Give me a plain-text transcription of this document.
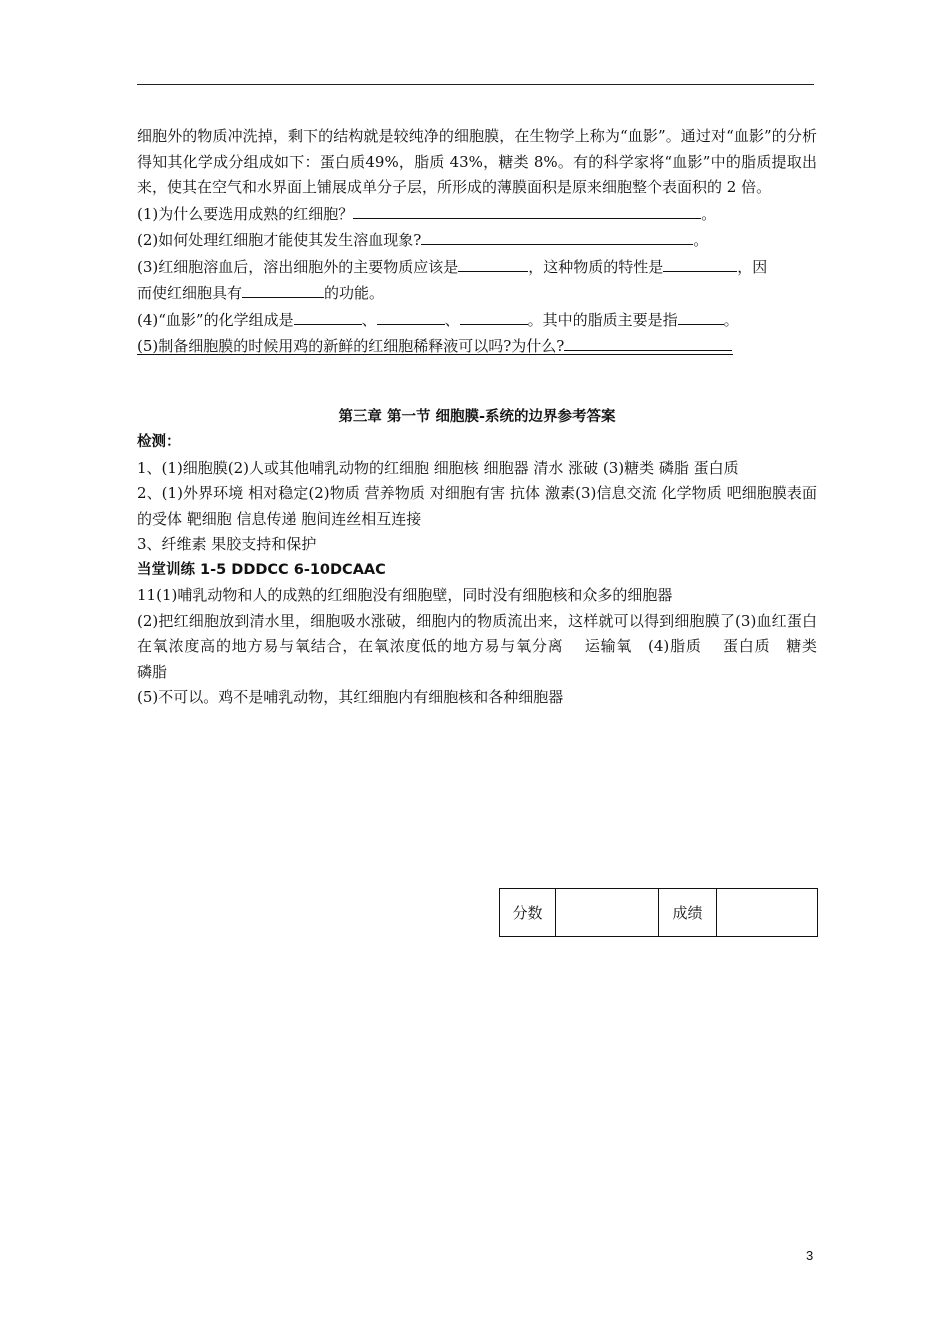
细胞外的物质冲洗掉，剩下的结构就是较纯净的细胞膜，在生物学上称为“血影”。通过对“血影”的分析得知其化学成分组成如下：蛋白质49%，脂质 43%，糖类 8%。有的科学家将“血影”中的脂质提取出来，使其在空气和水界面上铺展成单分子层，所形成的薄膜面积是原来细胞整个表面积的 2 倍。

(1)为什么要选用成熟的红细胞？	。

(2)如何处理红细胞才能使其发生溶血现象?	。

(3)红细胞溶血后，溶出细胞外的主要物质应该是	，这种物质的特性是	，因

而使红细胞具有	的功能。

(4)“血影”的化学组成是	、	、	。其中的脂质主要是指	。

(5)制备细胞膜的时候用鸡的新鲜的红细胞稀释液可以吗?为什么?

第三章 第一节 细胞膜-系统的边界参考答案

检测：

1、(1)细胞膜(2)人或其他哺乳动物的红细胞 细胞核 细胞器 清水 涨破 (3)糖类 磷脂 蛋白质

2、(1)外界环境 相对稳定(2)物质 营养物质 对细胞有害 抗体 激素(3)信息交流 化学物质 吧细胞膜表面的受体 靶细胞 信息传递 胞间连丝相互连接

3、纤维素 果胶支持和保护

当堂训练 1-5 DDDCC 6-10DCAAC

11(1)哺乳动物和人的成熟的红细胞没有细胞壁，同时没有细胞核和众多的细胞器

(2)把红细胞放到清水里，细胞吸水涨破，细胞内的物质流出来，这样就可以得到细胞膜了(3)血红蛋白　 在氧浓度高的地方易与氧结合，在氧浓度低的地方易与氧分离　 运输氧　(4)脂质　 蛋白质　糖类　 磷脂

(5)不可以。鸡不是哺乳动物，其红细胞内有细胞核和各种细胞器

分数		成绩	
3
